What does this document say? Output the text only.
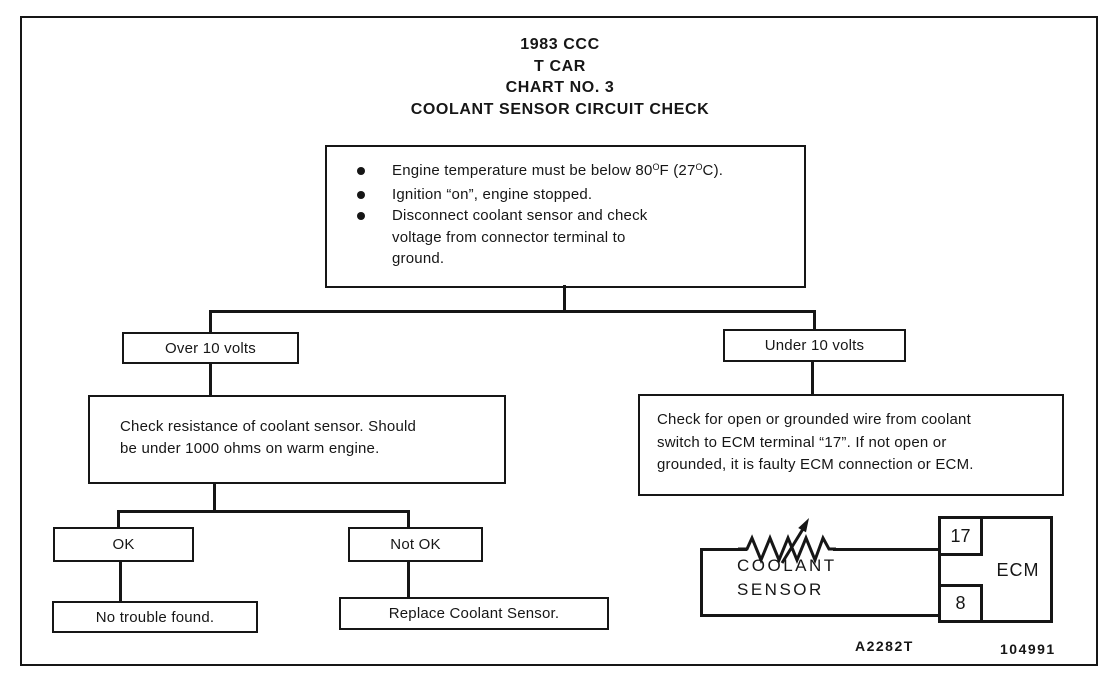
1983 CCC
T CAR
CHART NO. 3
COOLANT SENSOR CIRCUIT CHECK
Engine temperature must be below $80^OF$ $(27^OC)$.
Ignition “on”, engine stopped.
Disconnect coolant sensor and check
voltage from connector terminal to
ground.
Over 10 volts
Check resistance of coolant sensor. Should
be under 1000 ohms on warm engine.
OK	Not OK
No trouble found.	Replace Coolant Sensor.
Under 10 volts
Check for open or grounded wire from coolant
switch to ECM terminal “17”. If not open or
grounded, it is faulty ECM connection or ECM.
COOLANT
SENSOR
17
8
ECM
A2282T	104991
